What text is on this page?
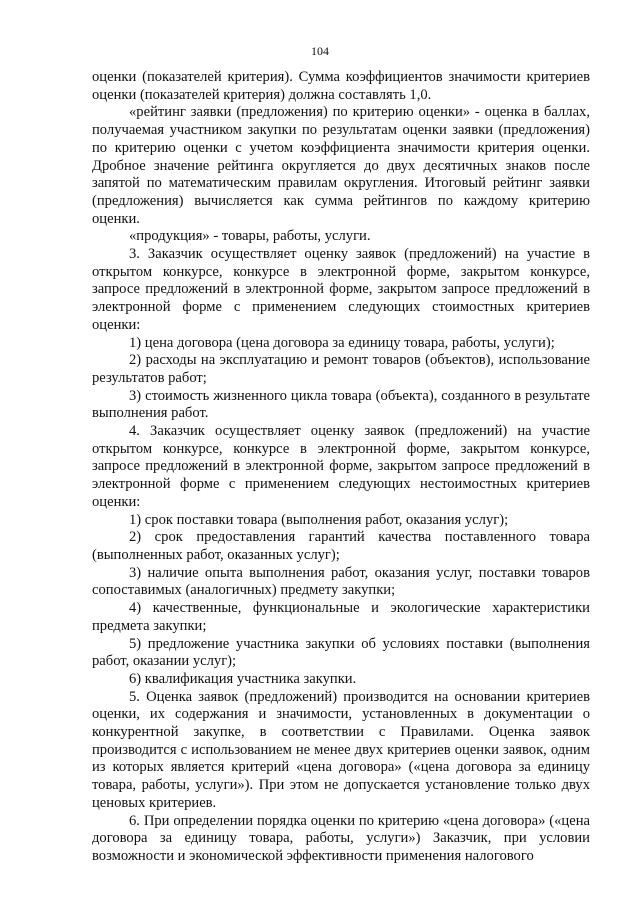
104

оценки (показателей критерия). Сумма коэффициентов значимости критериев оценки (показателей критерия) должна составлять 1,0.

«рейтинг заявки (предложения) по критерию оценки» - оценка в баллах, получаемая участником закупки по результатам оценки заявки (предложения) по критерию оценки с учетом коэффициента значимости критерия оценки. Дробное значение рейтинга округляется до двух десятичных знаков после запятой по математическим правилам округления. Итоговый рейтинг заявки (предложения) вычисляется как сумма рейтингов по каждому критерию оценки.

«продукция» - товары, работы, услуги.

3. Заказчик осуществляет оценку заявок (предложений) на участие в открытом конкурсе, конкурсе в электронной форме, закрытом конкурсе, запросе предложений в электронной форме, закрытом запросе предложений в электронной форме с применением следующих стоимостных критериев оценки:

1) цена договора (цена договора за единицу товара, работы, услуги);

2) расходы на эксплуатацию и ремонт товаров (объектов), использование результатов работ;

3) стоимость жизненного цикла товара (объекта), созданного в результате выполнения работ.

4. Заказчик осуществляет оценку заявок (предложений) на участие открытом конкурсе, конкурсе в электронной форме, закрытом конкурсе, запросе предложений в электронной форме, закрытом запросе предложений в электронной форме с применением следующих нестоимостных критериев оценки:

1) срок поставки товара (выполнения работ, оказания услуг);

2) срок предоставления гарантий качества поставленного товара (выполненных работ, оказанных услуг);

3) наличие опыта выполнения работ, оказания услуг, поставки товаров сопоставимых (аналогичных) предмету закупки;

4) качественные, функциональные и экологические характеристики предмета закупки;

5) предложение участника закупки об условиях поставки (выполнения работ, оказании услуг);

6) квалификация участника закупки.

5. Оценка заявок (предложений) производится на основании критериев оценки, их содержания и значимости, установленных в документации о конкурентной закупке, в соответствии с Правилами. Оценка заявок производится с использованием не менее двух критериев оценки заявок, одним из которых является критерий «цена договора» («цена договора за единицу товара, работы, услуги»). При этом не допускается установление только двух ценовых критериев.

6. При определении порядка оценки по критерию «цена договора» («цена договора за единицу товара, работы, услуги») Заказчик, при условии возможности и экономической эффективности применения налогового
